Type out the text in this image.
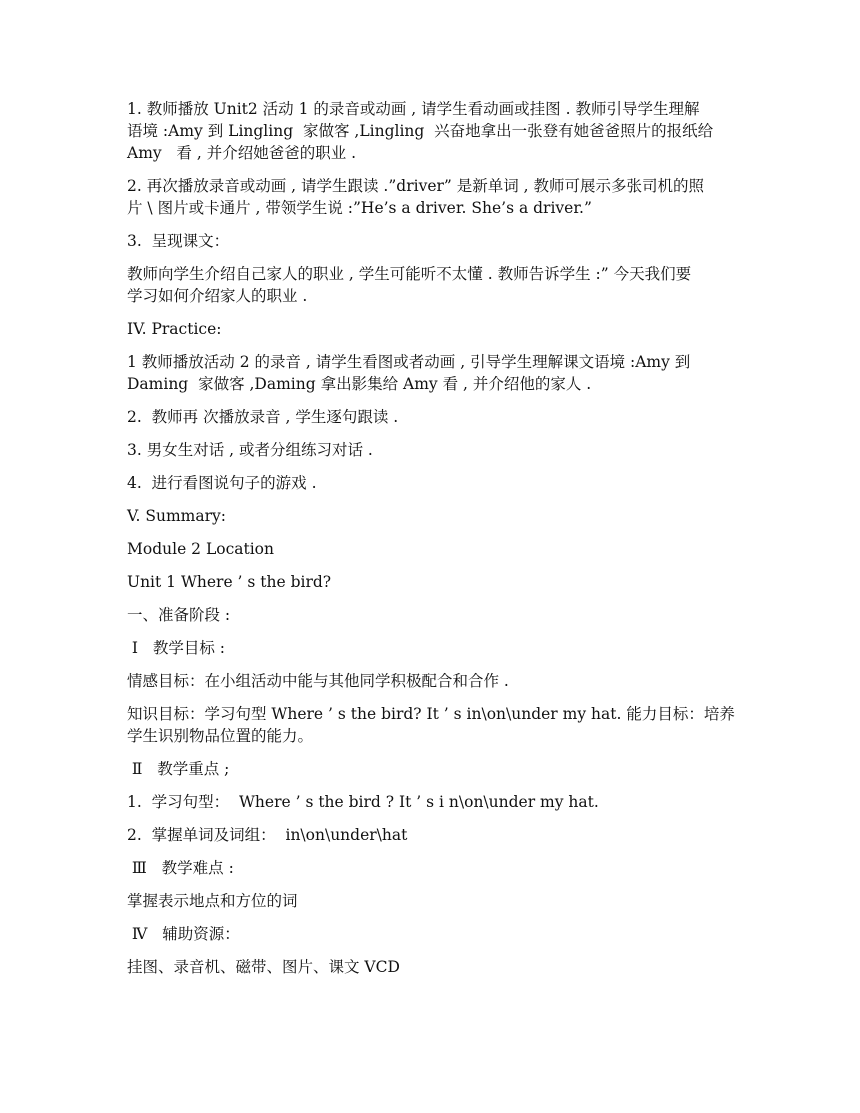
1. 教师播放 Unit2 活动 1 的录音或动画 , 请学生看动画或挂图 . 教师引导学生理解
语境 :Amy 到 Lingling  家做客 ,Lingling  兴奋地拿出一张登有她爸爸照片的报纸给
Amy   看 , 并介绍她爸爸的职业 .
2. 再次播放录音或动画 , 请学生跟读 .”driver” 是新单词 , 教师可展示多张司机的照
片 \ 图片或卡通片 , 带领学生说 :”He’s a driver. She’s a driver.”
3.  呈现课文：
教师向学生介绍自己家人的职业 , 学生可能听不太懂 . 教师告诉学生 :” 今天我们要
学习如何介绍家人的职业 .
IV. Practice:
1 教师播放活动 2 的录音 , 请学生看图或者动画 , 引导学生理解课文语境 :Amy 到
Daming  家做客 ,Daming 拿出影集给 Amy 看 , 并介绍他的家人 .
2.  教师再 次播放录音 , 学生逐句跟读 .
3. 男女生对话 , 或者分组练习对话 .
4.  进行看图说句子的游戏 .
V. Summary:
Module 2 Location
Unit 1 Where ’ s the bird?
一、准备阶段 :
Ⅰ   教学目标 :
情感目标：在小组活动中能与其他同学积极配合和合作 .
知识目标：学习句型 Where ’ s the bird? It ’ s in\on\under my hat. 能力目标：培养
学生识别物品位置的能力。
Ⅱ   教学重点 ;
1.  学习句型：  Where ’ s the bird ? It ’ s i n\on\under my hat.
2.  掌握单词及词组：  in\on\under\hat
Ⅲ   教学难点 :
掌握表示地点和方位的词
Ⅳ   辅助资源：
挂图、录音机、磁带、图片、课文 VCD
